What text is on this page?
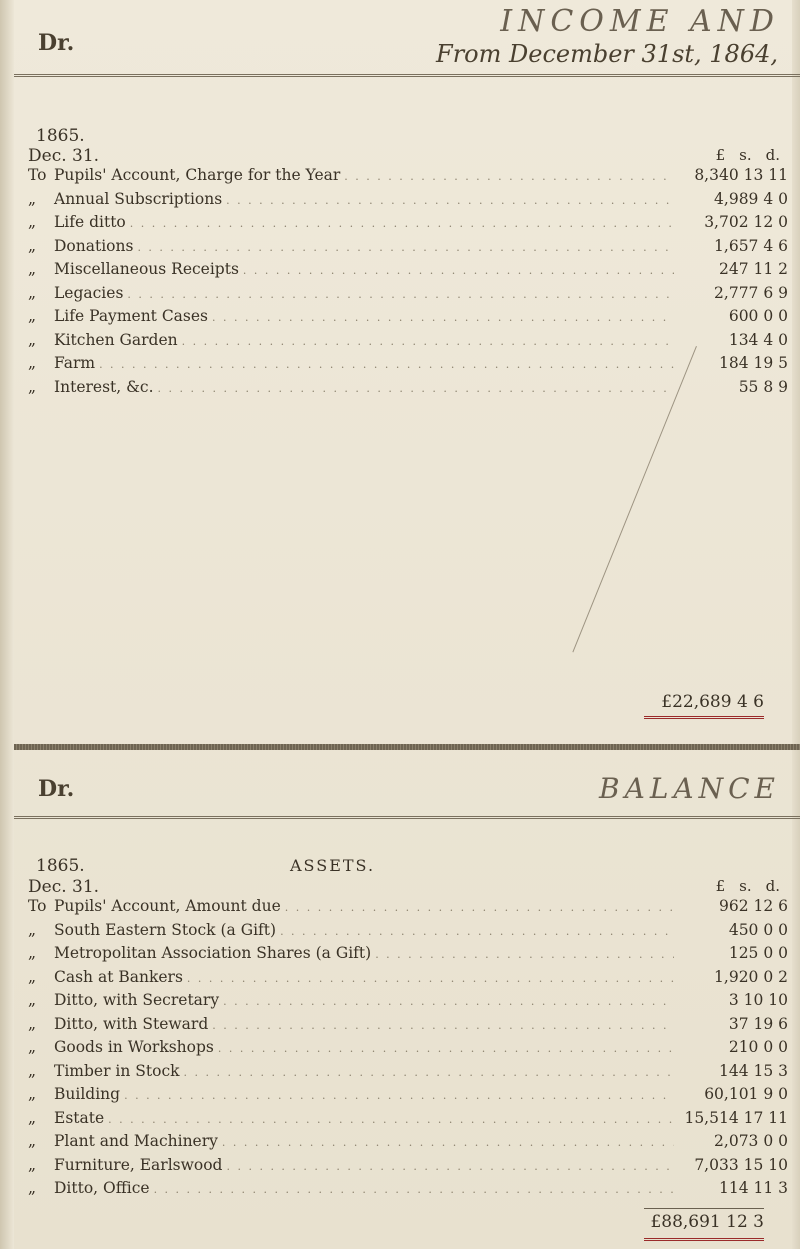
INCOME AND
Dr.	From December 31st, 1864,
1865.
Dec. 31.	£ s. d.
To Pupils' Account, Charge for the Year . . .	8,340 13 11
„	Annual Subscriptions . . .	4,989 4 0
„	Life ditto . . .	3,702 12 0
„	Donations . . .	1,657 4 6
„	Miscellaneous Receipts . . .	247 11 2
„	Legacies . . .	2,777 6 9
„	Life Payment Cases . . .	600 0 0
„	Kitchen Garden . . .	134 4 0
„	Farm . . .	184 19 5
„	Interest, &c. . . .	55 8 9
£22,689 4 6
Dr.	BALANCE
1865.	ASSETS.
Dec. 31.	£ s. d.
To Pupils' Account, Amount due . . .	962 12 6
„	South Eastern Stock (a Gift) . . .	450 0 0
„	Metropolitan Association Shares (a Gift) . . .	125 0 0
„	Cash at Bankers . . .	1,920 0 2
„	Ditto, with Secretary . . .	3 10 10
„	Ditto, with Steward . . .	37 19 6
„	Goods in Workshops . . .	210 0 0
„	Timber in Stock . . .	144 15 3
„	Building . . .	60,101 9 0
„	Estate . . .	15,514 17 11
„	Plant and Machinery . . .	2,073 0 0
„	Furniture, Earlswood . . .	7,033 15 10
„	Ditto, Office . . .	114 11 3
£88,691 12 3
